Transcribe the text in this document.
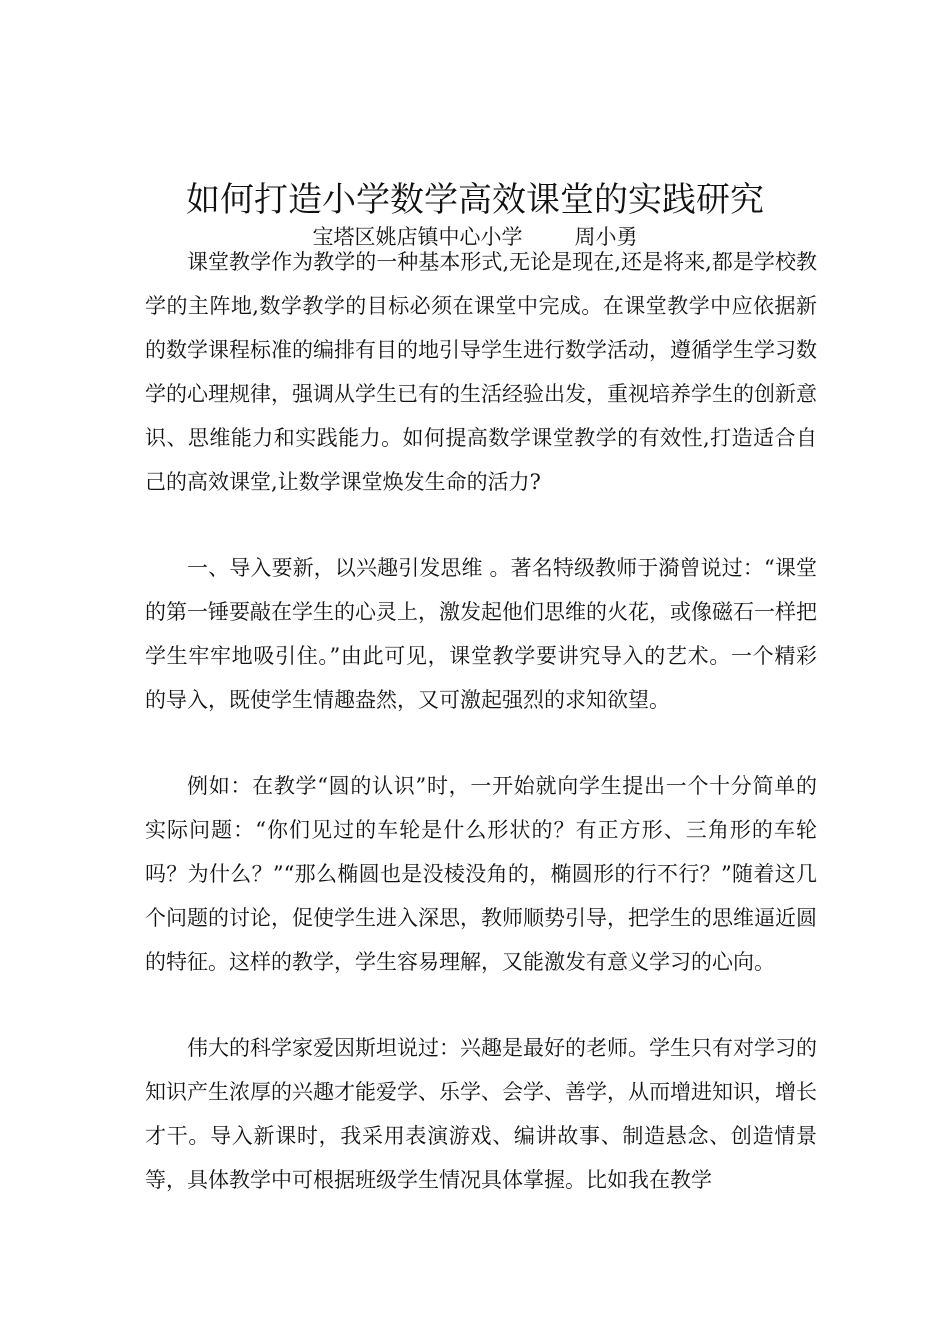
如何打造小学数学高效课堂的实践研究
宝塔区姚店镇中心小学 周小勇

课堂教学作为教学的一种基本形式,无论是现在,还是将来,都是学校教学的主阵地,数学教学的目标必须在课堂中完成。在课堂教学中应依据新的数学课程标准的编排有目的地引导学生进行数学活动，遵循学生学习数学的心理规律，强调从学生已有的生活经验出发，重视培养学生的创新意识、思维能力和实践能力。如何提高数学课堂教学的有效性,打造适合自己的高效课堂,让数学课堂焕发生命的活力?

一、导入要新，以兴趣引发思维 。著名特级教师于漪曾说过：“课堂的第一锤要敲在学生的心灵上，激发起他们思维的火花，或像磁石一样把学生牢牢地吸引住。”由此可见，课堂教学要讲究导入的艺术。一个精彩的导入，既使学生情趣盎然，又可激起强烈的求知欲望。

例如：在教学“圆的认识”时，一开始就向学生提出一个十分简单的实际问题：“你们见过的车轮是什么形状的？有正方形、三角形的车轮吗？为什么？”“那么椭圆也是没棱没角的，椭圆形的行不行？”随着这几个问题的讨论，促使学生进入深思，教师顺势引导，把学生的思维逼近圆的特征。这样的教学，学生容易理解，又能激发有意义学习的心向。

伟大的科学家爱因斯坦说过：兴趣是最好的老师。学生只有对学习的知识产生浓厚的兴趣才能爱学、乐学、会学、善学，从而增进知识，增长才干。导入新课时，我采用表演游戏、编讲故事、制造悬念、创造情景等，具体教学中可根据班级学生情况具体掌握。比如我在教学
